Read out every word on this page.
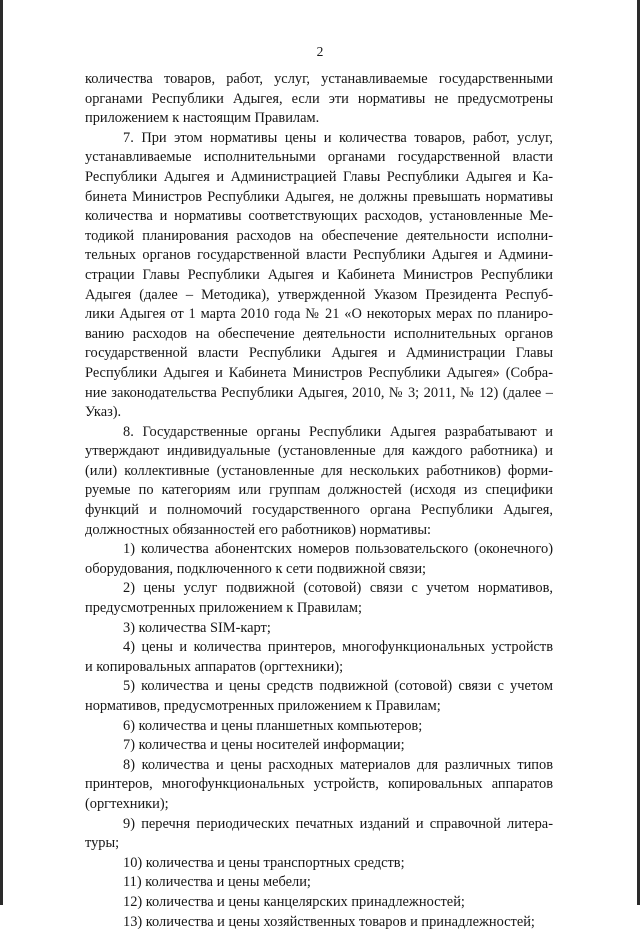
2
количества товаров, работ, услуг, устанавливаемые государственными
органами Республики Адыгея, если эти нормативы не предусмотрены
приложением к настоящим Правилам.
7. При этом нормативы цены и количества товаров, работ, услуг,
устанавливаемые исполнительными органами государственной власти
Республики Адыгея и Администрацией Главы Республики Адыгея и Ка-
бинета Министров Республики Адыгея, не должны превышать нормативы
количества и нормативы соответствующих расходов, установленные Ме-
тодикой планирования расходов на обеспечение деятельности исполни-
тельных органов государственной власти Республики Адыгея и Админи-
страции Главы Республики Адыгея и Кабинета Министров Республики
Адыгея (далее – Методика), утвержденной Указом Президента Респуб-
лики Адыгея от 1 марта 2010 года № 21 «О некоторых мерах по планиро-
ванию расходов на обеспечение деятельности исполнительных органов
государственной власти Республики Адыгея и Администрации Главы
Республики Адыгея и Кабинета Министров Республики Адыгея» (Собра-
ние законодательства Республики Адыгея, 2010, № 3; 2011, № 12) (далее –
Указ).
8. Государственные органы Республики Адыгея разрабатывают и
утверждают индивидуальные (установленные для каждого работника) и
(или) коллективные (установленные для нескольких работников) форми-
руемые по категориям или группам должностей (исходя из специфики
функций и полномочий государственного органа Республики Адыгея,
должностных обязанностей его работников) нормативы:
1) количества абонентских номеров пользовательского (оконечного)
оборудования, подключенного к сети подвижной связи;
2) цены услуг подвижной (сотовой) связи с учетом нормативов,
предусмотренных приложением к Правилам;
3) количества SIM-карт;
4) цены и количества принтеров, многофункциональных устройств
и копировальных аппаратов (оргтехники);
5) количества и цены средств подвижной (сотовой) связи с учетом
нормативов, предусмотренных приложением к Правилам;
6) количества и цены планшетных компьютеров;
7) количества и цены носителей информации;
8) количества и цены расходных материалов для различных типов
принтеров, многофункциональных устройств, копировальных аппаратов
(оргтехники);
9) перечня периодических печатных изданий и справочной литера-
туры;
10) количества и цены транспортных средств;
11) количества и цены мебели;
12) количества и цены канцелярских принадлежностей;
13) количества и цены хозяйственных товаров и принадлежностей;
